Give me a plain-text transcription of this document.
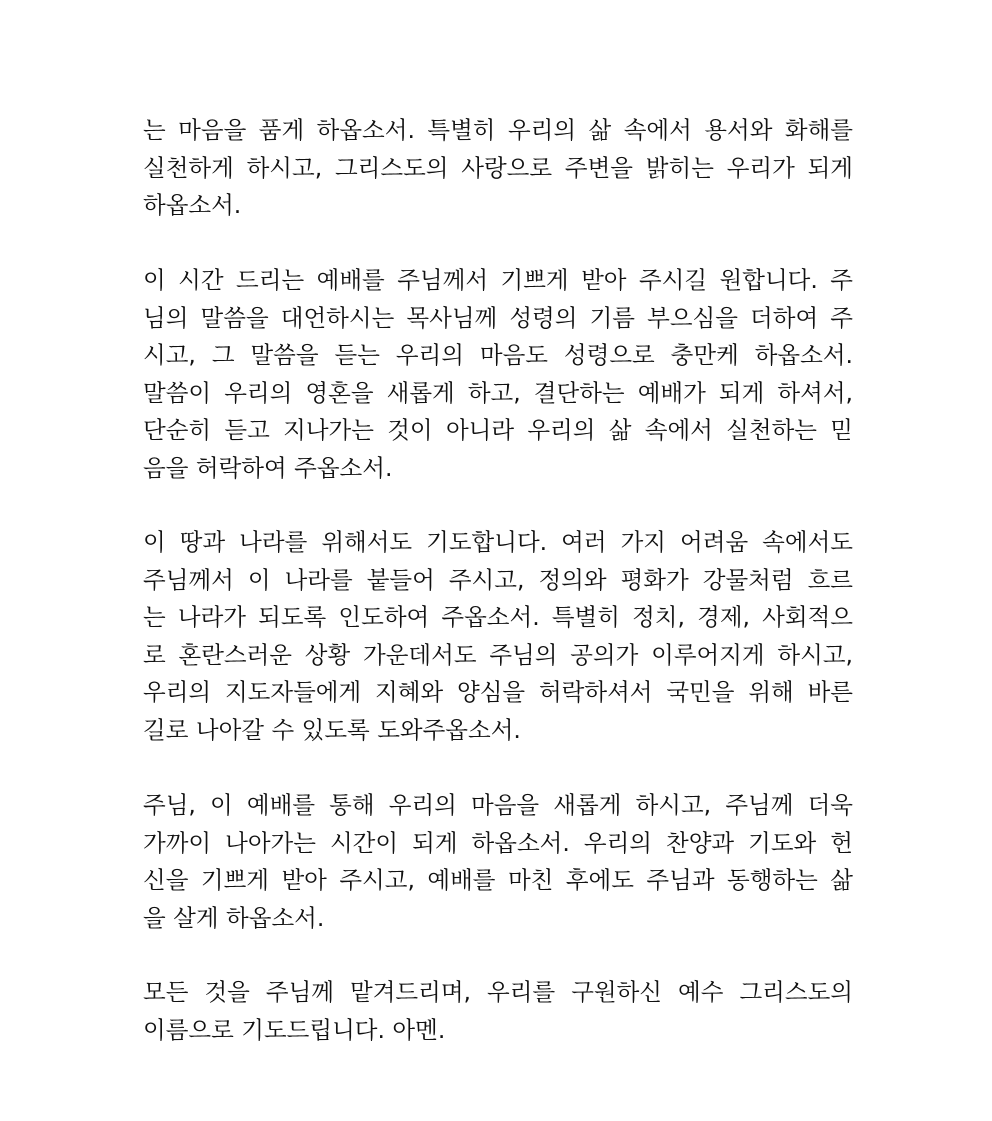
는 마음을 품게 하옵소서. 특별히 우리의 삶 속에서 용서와 화해를
실천하게 하시고, 그리스도의 사랑으로 주변을 밝히는 우리가 되게
하옵소서.
이 시간 드리는 예배를 주님께서 기쁘게 받아 주시길 원합니다. 주
님의 말씀을 대언하시는 목사님께 성령의 기름 부으심을 더하여 주
시고, 그 말씀을 듣는 우리의 마음도 성령으로 충만케 하옵소서.
말씀이 우리의 영혼을 새롭게 하고, 결단하는 예배가 되게 하셔서,
단순히 듣고 지나가는 것이 아니라 우리의 삶 속에서 실천하는 믿
음을 허락하여 주옵소서.
이 땅과 나라를 위해서도 기도합니다. 여러 가지 어려움 속에서도
주님께서 이 나라를 붙들어 주시고, 정의와 평화가 강물처럼 흐르
는 나라가 되도록 인도하여 주옵소서. 특별히 정치, 경제, 사회적으
로 혼란스러운 상황 가운데서도 주님의 공의가 이루어지게 하시고,
우리의 지도자들에게 지혜와 양심을 허락하셔서 국민을 위해 바른
길로 나아갈 수 있도록 도와주옵소서.
주님, 이 예배를 통해 우리의 마음을 새롭게 하시고, 주님께 더욱
가까이 나아가는 시간이 되게 하옵소서. 우리의 찬양과 기도와 헌
신을 기쁘게 받아 주시고, 예배를 마친 후에도 주님과 동행하는 삶
을 살게 하옵소서.
모든 것을 주님께 맡겨드리며, 우리를 구원하신 예수 그리스도의
이름으로 기도드립니다. 아멘.
